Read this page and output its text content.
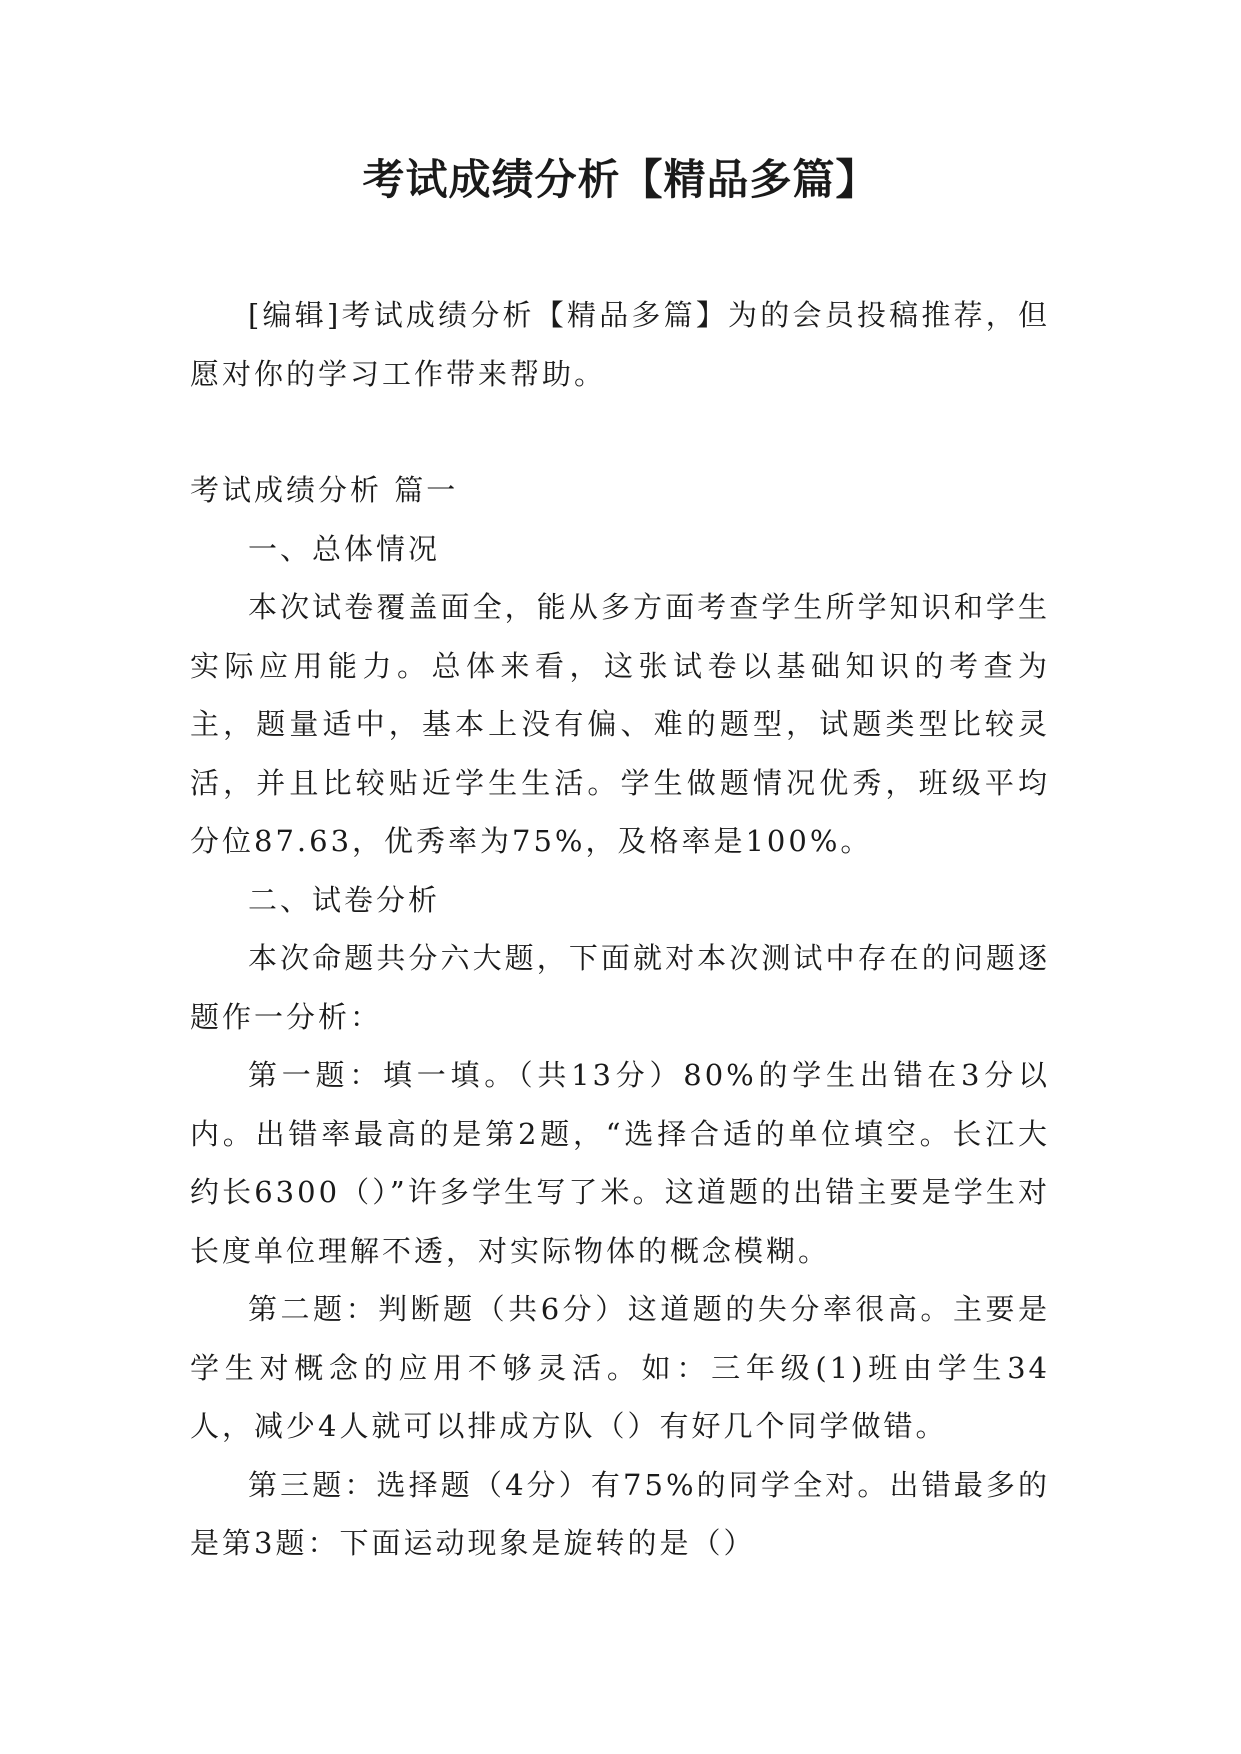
考试成绩分析【精品多篇】

[编辑]考试成绩分析【精品多篇】为的会员投稿推荐，但愿对你的学习工作带来帮助。

考试成绩分析 篇一

一、总体情况

本次试卷覆盖面全，能从多方面考查学生所学知识和学生实际应用能力。总体来看，这张试卷以基础知识的考查为主，题量适中，基本上没有偏、难的题型，试题类型比较灵活，并且比较贴近学生生活。学生做题情况优秀，班级平均分位87.63，优秀率为75%，及格率是100%。

二、试卷分析

本次命题共分六大题，下面就对本次测试中存在的问题逐题作一分析：

第一题：填一填。（共13分）80%的学生出错在3分以内。出错率最高的是第2题，“选择合适的单位填空。长江大约长6300（）”许多学生写了米。这道题的出错主要是学生对长度单位理解不透，对实际物体的概念模糊。

第二题：判断题（共6分）这道题的失分率很高。主要是学生对概念的应用不够灵活。如：三年级(1)班由学生34人，减少4人就可以排成方队（）有好几个同学做错。

第三题：选择题（4分）有75%的同学全对。出错最多的是第3题：下面运动现象是旋转的是（）
